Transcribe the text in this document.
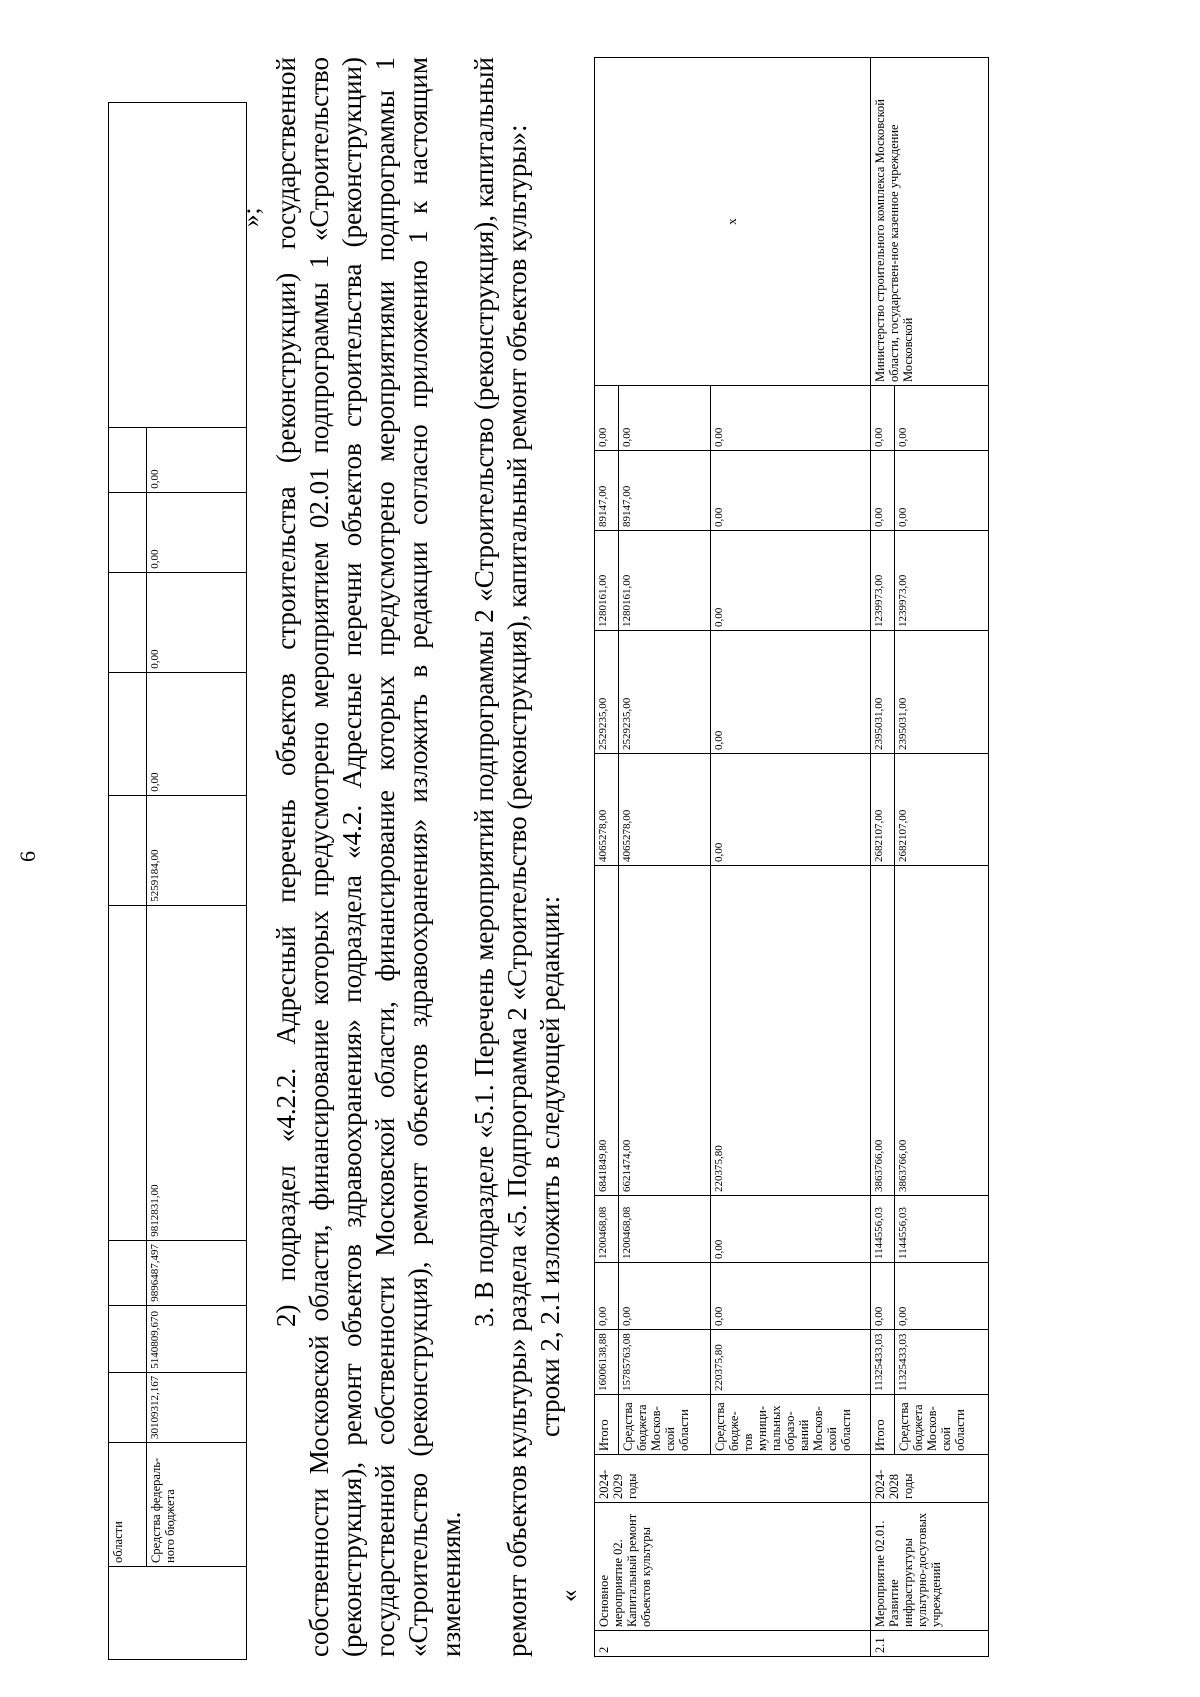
6
	области										
	Средства федераль-ного бюджета	30109312,167	5140809,670	9896487,497	9812831,00	5259184,00	0,00	0,00	0,00	0,00	
»; 2) подраздел «4.2.2. Адресный перечень объектов строительства (реконструкции) государственной собственности Московской области, финансирование которых предусмотрено мероприятием 02.01 подпрограммы 1 «Строительство (реконструкция), ремонт объектов здравоохранения» подраздела «4.2. Адресные перечни объектов строительства (реконструкции) государственной собственности Московской области, финансирование которых предусмотрено мероприятиями подпрограммы 1 «Строительство (реконструкция), ремонт объектов здравоохранения» изложить в редакции согласно приложению 1 к настоящим изменениям.

3. В подразделе «5.1. Перечень мероприятий подпрограммы 2 «Строительство (реконструкция), капитальный ремонт объектов культуры» раздела «5. Подпрограмма 2 «Строительство (реконструкция), капитальный ремонт объектов культуры»: строки 2, 2.1 изложить в следующей редакции:

«
2	Основное мероприятие 02. Капитальный ремонт объектов культуры	2024-2029 годы	Итого	16006138,88	0,00	1200468,08	6841849,80	4065278,00	2529235,00	1280161,00	89147,00	0,00	x
			Средства бюджета Москов-ской области	15785763,08	0,00	1200468,08	6621474,00	4065278,00	2529235,00	1280161,00	89147,00	0,00	
			Средства бюдже-тов муници-пальных образо-ваний Москов-ской области	220375,80	0,00	0,00	220375,80	0,00	0,00	0,00	0,00	0,00	
2.1	Мероприятие 02.01. Развитие инфраструктуры культурно-досуговых учреждений	2024-2028 годы	Итого	11325433,03	0,00	1144556,03	3863766,00	2682107,00	2395031,00	1239973,00	0,00	0,00	Министерство строительного комплекса Московской области, государствен-ное казенное учреждение Московской
			Средства бюджета Москов-ской области	11325433,03	0,00	1144556,03	3863766,00	2682107,00	2395031,00	1239973,00	0,00	0,00	
